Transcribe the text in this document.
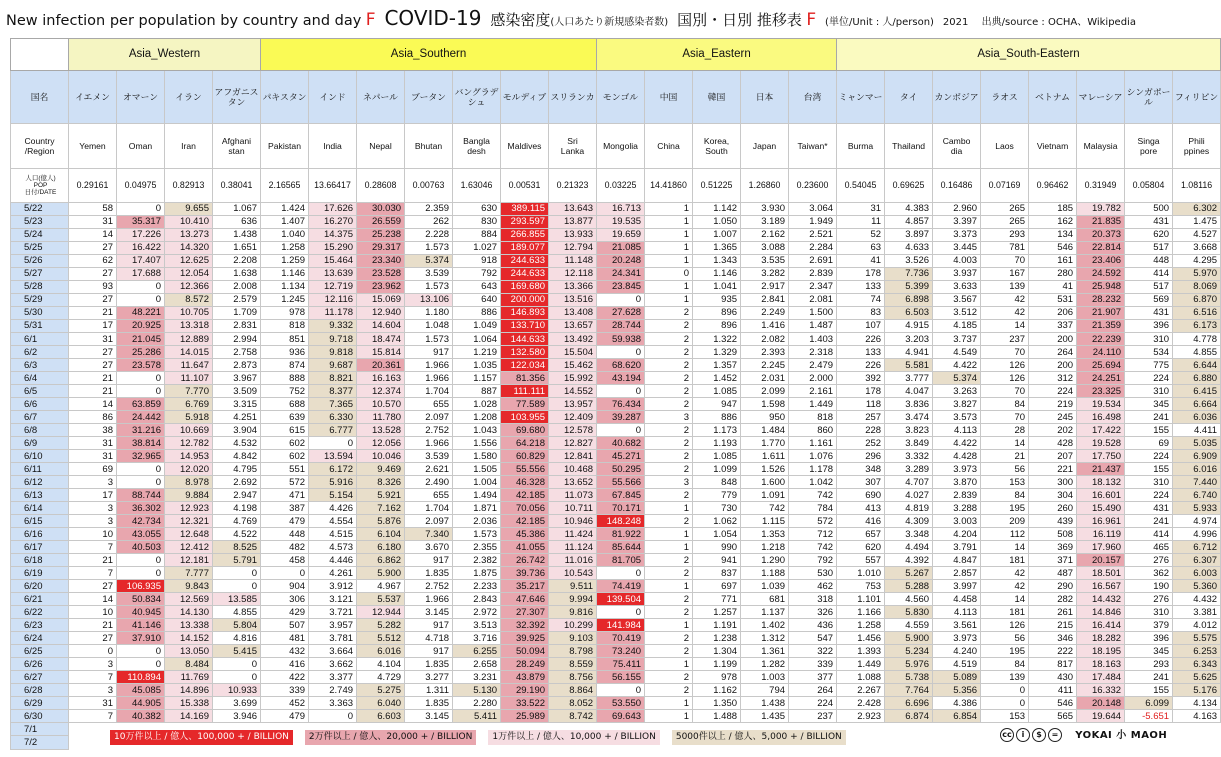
New infection per population by country and day F COVID-19 感染密度(人口あたり新規感染者数) 国別・日別 推移表 F (単位/Unit : 人/person) 2021 出典/source : OCHA、Wikipedia
	Asia_Western				Asia_Southern							Asia_Eastern					Asia_South-Eastern							
国名	イエメン	オマーン	イラン	アフガニスタン	パキスタン	インド	ネパール	ブータン	バングラデシュ	モルディブ	スリランカ	モンゴル	中国	韓国	日本	台湾	ミャンマー	タイ	カンボジア	ラオス	ベトナム	マレーシア	シンガポール	フィリピン
Country
/Region	Yemen	Oman	Iran	Afghani
stan	Pakistan	India	Nepal	Bhutan	Bangla
desh	Maldives	Sri
Lanka	Mongolia	China	Korea,
South	Japan	Taiwan*	Burma	Thailand	Cambo
dia	Laos	Vietnam	Malaysia	Singa
pore	Phili
ppines

人口(億人)
POP
日付/DATE	0.29161	0.04975	0.82913	0.38041	2.16565	13.66417	0.28608	0.00763	1.63046	0.00531	0.21323	0.03225	14.41860	0.51225	1.26860	0.23600	0.54045	0.69625	0.16486	0.07169	0.96462	0.31949	0.05804	1.08116
5/22	58	0	9.655	1.067	1.424	17.626	30.030	2.359	630	389.115	13.643	16.713	1	1.142	3.930	3.064	31	4.383	2.960	265	185	19.782	500	6.302
5/23	31	35.317	10.410	636	1.407	16.270	26.559	262	830	293.597	13.877	19.535	1	1.050	3.189	1.949	11	4.857	3.397	265	162	21.835	431	1.475
5/24	14	17.226	13.273	1.438	1.040	14.375	25.238	2.228	884	266.855	13.933	19.659	1	1.007	2.162	2.521	52	3.897	3.373	293	134	20.373	620	4.527
5/25	27	16.422	14.320	1.651	1.258	15.290	29.317	1.573	1.027	189.077	12.794	21.085	1	1.365	3.088	2.284	63	4.633	3.445	781	546	22.814	517	3.668
5/26	62	17.407	12.625	2.208	1.259	15.464	23.340	5.374	918	244.633	11.148	20.248	1	1.343	3.535	2.691	41	3.526	4.003	70	161	23.406	448	4.295
5/27	27	17.688	12.054	1.638	1.146	13.639	23.528	3.539	792	244.633	12.118	24.341	0	1.146	3.282	2.839	178	7.736	3.937	167	280	24.592	414	5.970
5/28	93	0	12.366	2.008	1.134	12.719	23.962	1.573	643	169.680	13.366	23.845	1	1.041	2.917	2.347	133	5.399	3.633	139	41	25.948	517	8.069
5/29	27	0	8.572	2.579	1.245	12.116	15.069	13.106	640	200.000	13.516	0	1	935	2.841	2.081	74	6.898	3.567	42	531	28.232	569	6.870
5/30	21	48.221	10.705	1.709	978	11.178	12.940	1.180	886	146.893	13.408	27.628	2	896	2.249	1.500	83	6.503	3.512	42	206	21.907	431	6.516
5/31	17	20.925	13.318	2.831	818	9.332	14.604	1.048	1.049	133.710	13.657	28.744	2	896	1.416	1.487	107	4.915	4.185	14	337	21.359	396	6.173
6/1	31	21.045	12.889	2.994	851	9.718	18.474	1.573	1.064	144.633	13.492	59.938	2	1.322	2.082	1.403	226	3.203	3.737	237	200	22.239	310	4.778
6/2	27	25.286	14.015	2.758	936	9.818	15.814	917	1.219	132.580	15.504	0	2	1.329	2.393	2.318	133	4.941	4.549	70	264	24.110	534	4.855
6/3	27	23.578	11.647	2.873	874	9.687	20.361	1.966	1.035	122.034	15.462	68.620	2	1.357	2.245	2.479	226	5.581	4.422	126	200	25.694	775	6.644
6/4	21	0	11.107	3.967	888	8.821	16.163	1.966	1.157	81.356	15.992	43.194	2	1.452	2.031	2.000	392	3.777	5.374	126	312	24.251	224	6.880
6/5	21	0	7.770	3.509	752	8.377	12.374	1.704	887	111.111	14.552	0	2	1.085	2.099	2.161	178	4.047	3.263	70	224	23.325	310	6.415
6/6	14	63.859	6.769	3.315	688	7.365	10.570	655	1.028	77.589	13.957	76.434	2	947	1.598	1.449	118	3.836	3.827	84	219	19.534	345	6.664
6/7	86	24.442	5.918	4.251	639	6.330	11.780	2.097	1.208	103.955	12.409	39.287	3	886	950	818	257	3.474	3.573	70	245	16.498	241	6.036
6/8	38	31.216	10.669	3.904	615	6.777	13.528	2.752	1.043	69.680	12.578	0	2	1.173	1.484	860	228	3.823	4.113	28	202	17.422	155	4.411
6/9	31	38.814	12.782	4.532	602	0	12.056	1.966	1.556	64.218	12.827	40.682	2	1.193	1.770	1.161	252	3.849	4.422	14	428	19.528	69	5.035
6/10	31	32.965	14.953	4.842	602	13.594	10.046	3.539	1.580	60.829	12.841	45.271	2	1.085	1.611	1.076	296	3.332	4.428	21	207	17.750	224	6.909
6/11	69	0	12.020	4.795	551	6.172	9.469	2.621	1.505	55.556	10.468	50.295	2	1.099	1.526	1.178	348	3.289	3.973	56	221	21.437	155	6.016
6/12	3	0	8.978	2.692	572	5.916	8.326	2.490	1.004	46.328	13.652	55.566	3	848	1.600	1.042	307	4.707	3.870	153	300	18.132	310	7.440
6/13	17	88.744	9.884	2.947	471	5.154	5.921	655	1.494	42.185	11.073	67.845	2	779	1.091	742	690	4.027	2.839	84	304	16.601	224	6.740
6/14	3	36.302	12.923	4.198	387	4.426	7.162	1.704	1.871	70.056	10.711	70.171	1	730	742	784	413	4.819	3.288	195	260	15.490	431	5.933
6/15	3	42.734	12.321	4.769	479	4.554	5.876	2.097	2.036	42.185	10.946	148.248	2	1.062	1.115	572	416	4.309	3.003	209	439	16.961	241	4.974
6/16	10	43.055	12.648	4.522	448	4.515	6.104	7.340	1.573	45.386	11.424	81.922	1	1.054	1.353	712	657	3.348	4.204	112	508	16.119	414	4.996
6/17	7	40.503	12.412	8.525	482	4.573	6.180	3.670	2.355	41.055	11.124	85.644	1	990	1.218	742	620	4.494	3.791	14	369	17.960	465	6.712
6/18	21	0	12.181	5.791	458	4.446	6.862	917	2.382	26.742	11.016	81.705	2	941	1.290	792	557	4.392	4.847	181	371	20.157	276	6.307
6/19	7	0	7.777	0	0	4.261	5.900	1.835	1.875	39.736	10.543	0	2	837	1.188	530	1.010	5.267	2.857	42	487	18.501	362	6.003
6/20	27	106.935	9.843	0	904	3.912	4.967	2.752	2.233	35.217	9.511	74.419	1	697	1.039	462	753	5.288	3.997	42	290	16.567	190	5.360
6/21	14	50.834	12.569	13.585	306	3.121	5.537	1.966	2.843	47.646	9.994	139.504	2	771	681	318	1.101	4.560	4.458	14	282	14.432	276	4.432
6/22	10	40.945	14.130	4.855	429	3.721	12.944	3.145	2.972	27.307	9.816	0	2	1.257	1.137	326	1.166	5.830	4.113	181	261	14.846	310	3.381
6/23	21	41.146	13.338	5.804	507	3.957	5.282	917	3.513	32.392	10.299	141.984	1	1.191	1.402	436	1.258	4.559	3.561	126	215	16.414	379	4.012
6/24	27	37.910	14.152	4.816	481	3.781	5.512	4.718	3.716	39.925	9.103	70.419	2	1.238	1.312	547	1.456	5.900	3.973	56	346	18.282	396	5.575
6/25	0	0	13.050	5.415	432	3.664	6.016	917	6.255	50.094	8.798	73.240	2	1.304	1.361	322	1.393	5.234	4.240	195	222	18.195	345	6.253
6/26	3	0	8.484	0	416	3.662	4.104	1.835	2.658	28.249	8.559	75.411	1	1.199	1.282	339	1.449	5.976	4.519	84	817	18.163	293	6.343
6/27	7	110.894	11.769	0	422	3.377	4.729	3.277	3.231	43.879	8.756	56.155	2	978	1.003	377	1.088	5.738	5.089	139	430	17.484	241	5.625
6/28	3	45.085	14.896	10.933	339	2.749	5.275	1.311	5.130	29.190	8.864	0	2	1.162	794	264	2.267	7.764	5.356	0	411	16.332	155	5.176
6/29	31	44.905	15.338	3.699	452	3.363	6.040	1.835	2.280	33.522	8.052	53.550	1	1.350	1.438	224	2.428	6.696	4.386	0	546	20.148	6.099	4.134
6/30	7	40.382	14.169	3.946	479	0	6.603	3.145	5.411	25.989	8.742	69.643	1	1.488	1.435	237	2.923	6.874	6.854	153	565	19.644	-5.651	4.163
7/1																								
7/2																								
10万件以上 / 億人、100,000 + / BILLION 2万件以上 / 億人、20,000 + / BILLION 1万件以上 / 億人、10,000 + / BILLION 5000件以上 / 億人、5,000 + / BILLION	cc i $ = YOKAI 小 MAOH
